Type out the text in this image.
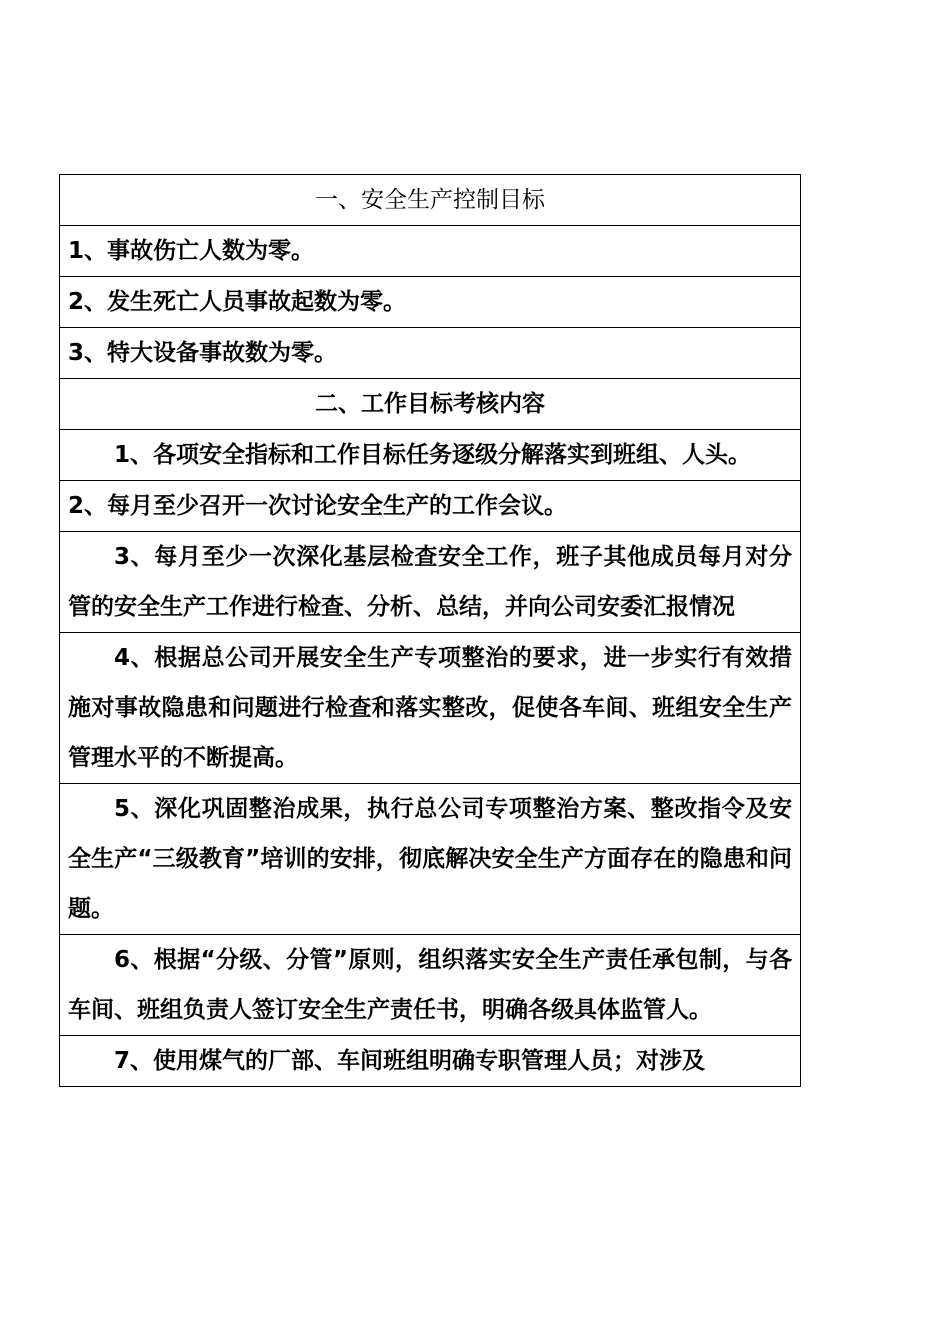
一、安全生产控制目标
1、事故伤亡人数为零。
2、发生死亡人员事故起数为零。
3、特大设备事故数为零。
二、工作目标考核内容
1、各项安全指标和工作目标任务逐级分解落实到班组、人头。
2、每月至少召开一次讨论安全生产的工作会议。
3、每月至少一次深化基层检查安全工作，班子其他成员每月对分管的安全生产工作进行检查、分析、总结，并向公司安委汇报情况
4、根据总公司开展安全生产专项整治的要求，进一步实行有效措施对事故隐患和问题进行检查和落实整改，促使各车间、班组安全生产管理水平的不断提高。
5、深化巩固整治成果，执行总公司专项整治方案、整改指令及安全生产“三级教育”培训的安排，彻底解决安全生产方面存在的隐患和问题。
6、根据“分级、分管”原则，组织落实安全生产责任承包制，与各车间、班组负责人签订安全生产责任书，明确各级具体监管人。
7、使用煤气的厂部、车间班组明确专职管理人员；对涉及
